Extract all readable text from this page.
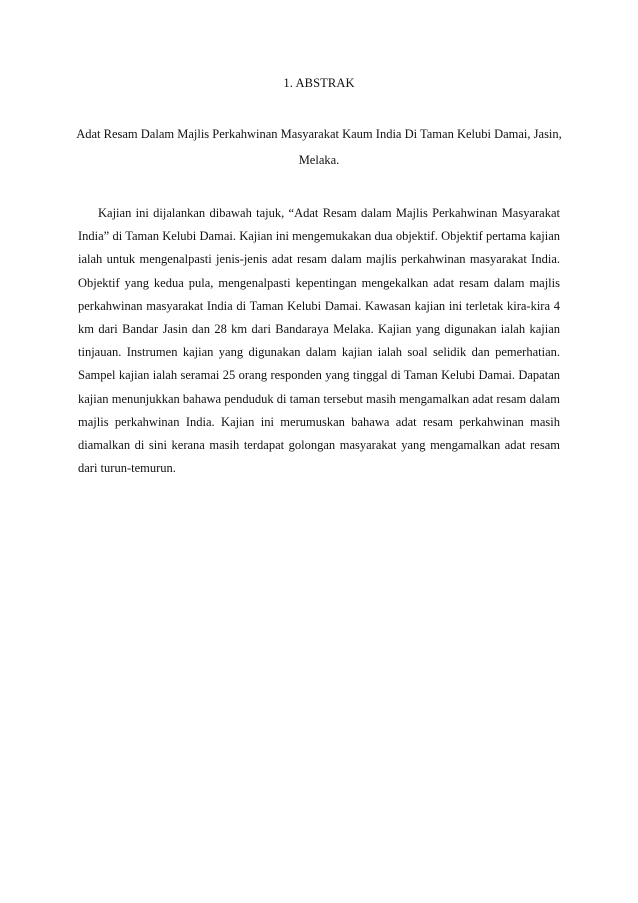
1. ABSTRAK

Adat Resam Dalam Majlis Perkahwinan Masyarakat Kaum India Di Taman Kelubi Damai, Jasin, Melaka.

Kajian ini dijalankan dibawah tajuk, “Adat Resam dalam Majlis Perkahwinan Masyarakat India” di Taman Kelubi Damai. Kajian ini mengemukakan dua objektif. Objektif pertama kajian ialah untuk mengenalpasti jenis-jenis adat resam dalam majlis perkahwinan masyarakat India. Objektif yang kedua pula, mengenalpasti kepentingan mengekalkan adat resam dalam majlis perkahwinan masyarakat India di Taman Kelubi Damai. Kawasan kajian ini terletak kira-kira 4 km dari Bandar Jasin dan 28 km dari Bandaraya Melaka. Kajian yang digunakan ialah kajian tinjauan. Instrumen kajian yang digunakan dalam kajian ialah soal selidik dan pemerhatian. Sampel kajian ialah seramai 25 orang responden yang tinggal di Taman Kelubi Damai. Dapatan kajian menunjukkan bahawa penduduk di taman tersebut masih mengamalkan adat resam dalam majlis perkahwinan India. Kajian ini merumuskan bahawa adat resam perkahwinan masih diamalkan di sini kerana masih terdapat golongan masyarakat yang mengamalkan adat resam dari turun-temurun.
